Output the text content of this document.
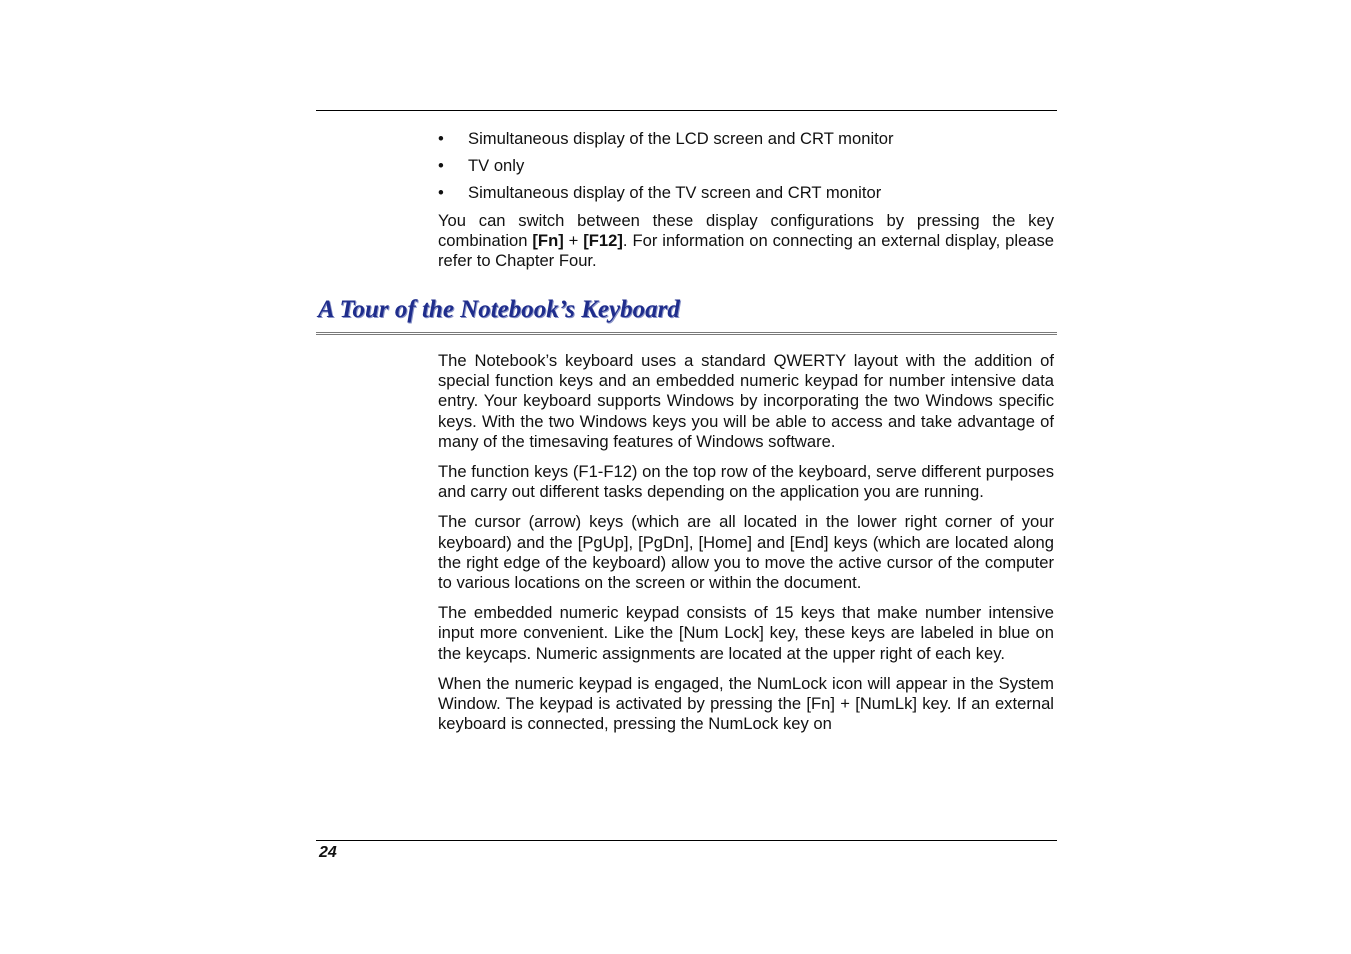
• Simultaneous display of the LCD screen and CRT monitor
• TV only
• Simultaneous display of the TV screen and CRT monitor

You can switch between these display configurations by pressing the key combination [Fn] + [F12]. For information on connecting an external display, please refer to Chapter Four.

A Tour of the Notebook’s Keyboard

The Notebook’s keyboard uses a standard QWERTY layout with the addition of special function keys and an embedded numeric keypad for number intensive data entry. Your keyboard supports Windows by incorporating the two Windows specific keys. With the two Windows keys you will be able to access and take advantage of many of the timesaving features of Windows software.

The function keys (F1-F12) on the top row of the keyboard, serve different purposes and carry out different tasks depending on the application you are running.

The cursor (arrow) keys (which are all located in the lower right corner of your keyboard) and the [PgUp], [PgDn], [Home] and [End] keys (which are located along the right edge of the keyboard) allow you to move the active cursor of the computer to various locations on the screen or within the document.

The embedded numeric keypad consists of 15 keys that make number intensive input more convenient. Like the [Num Lock] key, these keys are labeled in blue on the keycaps. Numeric assignments are located at the upper right of each key.

When the numeric keypad is engaged, the NumLock icon will appear in the System Window. The keypad is activated by pressing the [Fn] + [NumLk] key. If an external keyboard is connected, pressing the NumLock key on

24
